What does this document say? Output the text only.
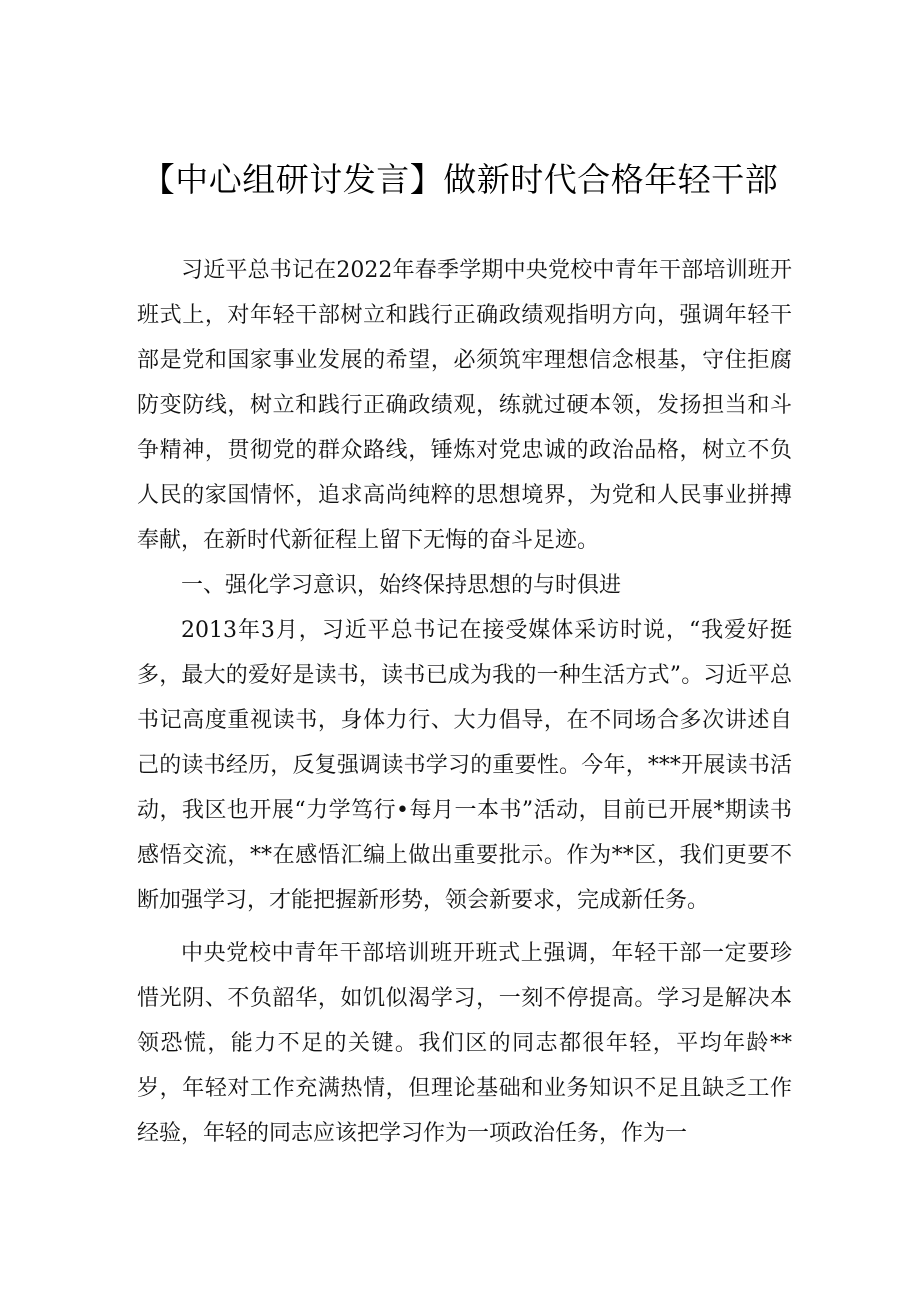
【中心组研讨发言】做新时代合格年轻干部

习近平总书记在2022年春季学期中央党校中青年干部培训班开班式上，对年轻干部树立和践行正确政绩观指明方向，强调年轻干部是党和国家事业发展的希望，必须筑牢理想信念根基，守住拒腐防变防线，树立和践行正确政绩观，练就过硬本领，发扬担当和斗争精神，贯彻党的群众路线，锤炼对党忠诚的政治品格，树立不负人民的家国情怀，追求高尚纯粹的思想境界，为党和人民事业拼搏奉献，在新时代新征程上留下无悔的奋斗足迹。

一、强化学习意识，始终保持思想的与时俱进

2013年3月，习近平总书记在接受媒体采访时说，“我爱好挺多，最大的爱好是读书，读书已成为我的一种生活方式”。习近平总书记高度重视读书，身体力行、大力倡导，在不同场合多次讲述自己的读书经历，反复强调读书学习的重要性。今年，***开展读书活动，我区也开展“力学笃行•每月一本书”活动，目前已开展*期读书感悟交流，**在感悟汇编上做出重要批示。作为**区，我们更要不断加强学习，才能把握新形势，领会新要求，完成新任务。

中央党校中青年干部培训班开班式上强调，年轻干部一定要珍惜光阴、不负韶华，如饥似渴学习，一刻不停提高。学习是解决本领恐慌，能力不足的关键。我们区的同志都很年轻，平均年龄**岁，年轻对工作充满热情，但理论基础和业务知识不足且缺乏工作经验，年轻的同志应该把学习作为一项政治任务，作为一
